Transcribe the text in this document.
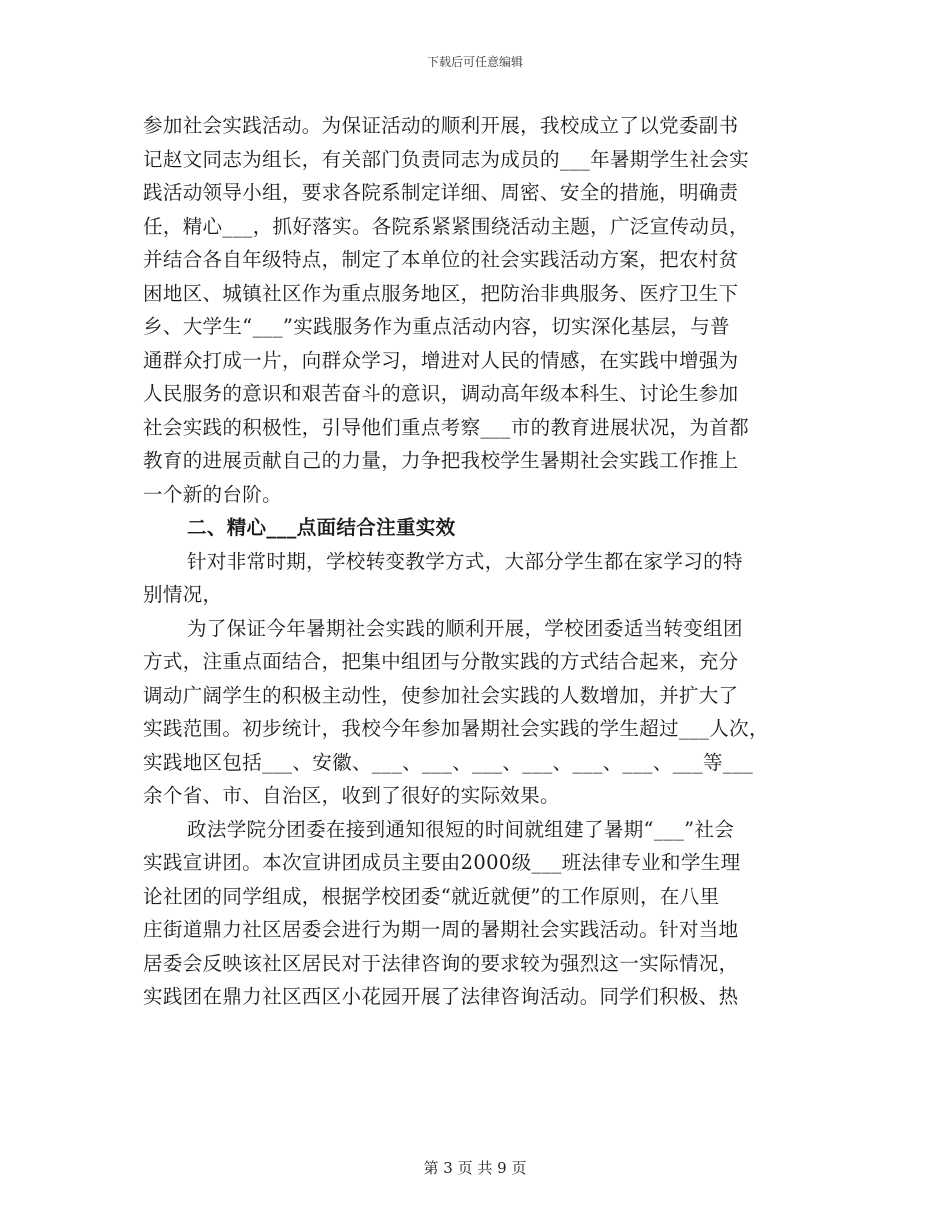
下载后可任意编辑
参加社会实践活动。为保证活动的顺利开展，我校成立了以党委副书
记赵文同志为组长，有关部门负责同志为成员的___年暑期学生社会实
践活动领导小组，要求各院系制定详细、周密、安全的措施，明确责
任，精心___，抓好落实。各院系紧紧围绕活动主题，广泛宣传动员，
并结合各自年级特点，制定了本单位的社会实践活动方案，把农村贫
困地区、城镇社区作为重点服务地区，把防治非典服务、医疗卫生下
乡、大学生“___”实践服务作为重点活动内容，切实深化基层，与普
通群众打成一片，向群众学习，增进对人民的情感，在实践中增强为
人民服务的意识和艰苦奋斗的意识，调动高年级本科生、讨论生参加
社会实践的积极性，引导他们重点考察___市的教育进展状况，为首都
教育的进展贡献自己的力量，力争把我校学生暑期社会实践工作推上
一个新的台阶。
二、精心___点面结合注重实效
针对非常时期，学校转变教学方式，大部分学生都在家学习的特
别情况，
为了保证今年暑期社会实践的顺利开展，学校团委适当转变组团
方式，注重点面结合，把集中组团与分散实践的方式结合起来，充分
调动广阔学生的积极主动性，使参加社会实践的人数增加，并扩大了
实践范围。初步统计，我校今年参加暑期社会实践的学生超过___人次，
实践地区包括___、安徽、___、___、___、___、___、___、___等___
余个省、市、自治区，收到了很好的实际效果。
政法学院分团委在接到通知很短的时间就组建了暑期“___”社会
实践宣讲团。本次宣讲团成员主要由2000级___班法律专业和学生理
论社团的同学组成，根据学校团委“就近就便”的工作原则，在八里
庄街道鼎力社区居委会进行为期一周的暑期社会实践活动。针对当地
居委会反映该社区居民对于法律咨询的要求较为强烈这一实际情况，
实践团在鼎力社区西区小花园开展了法律咨询活动。同学们积极、热
第 3 页 共 9 页
